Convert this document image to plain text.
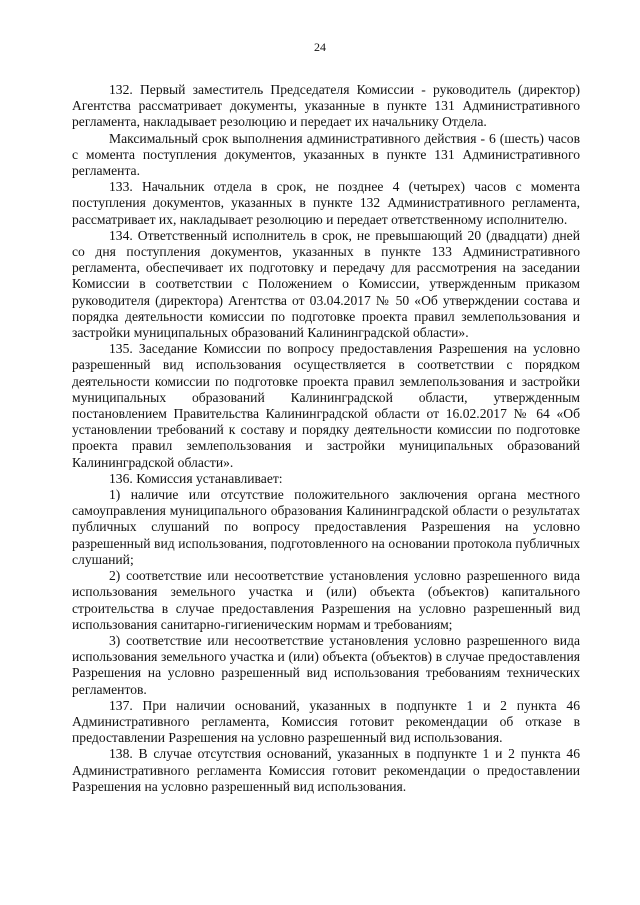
24

132. Первый заместитель Председателя Комиссии - руководитель (директор) Агентства рассматривает документы, указанные в пункте 131 Административного регламента, накладывает резолюцию и передает их начальнику Отдела.

Максимальный срок выполнения административного действия - 6 (шесть) часов с момента поступления документов, указанных в пункте 131 Административного регламента.

133. Начальник отдела в срок, не позднее 4 (четырех) часов с момента поступления документов, указанных в пункте 132 Административного регламента, рассматривает их, накладывает резолюцию и передает ответственному исполнителю.

134. Ответственный исполнитель в срок, не превышающий 20 (двадцати) дней со дня поступления документов, указанных в пункте 133 Административного регламента, обеспечивает их подготовку и передачу для рассмотрения на заседании Комиссии в соответствии с Положением о Комиссии, утвержденным приказом руководителя (директора) Агентства от 03.04.2017 № 50 «Об утверждении состава и порядка деятельности комиссии по подготовке проекта правил землепользования и застройки муниципальных образований Калининградской области».

135. Заседание Комиссии по вопросу предоставления Разрешения на условно разрешенный вид использования осуществляется в соответствии с порядком деятельности комиссии по подготовке проекта правил землепользования и застройки муниципальных образований Калининградской области, утвержденным постановлением Правительства Калининградской области от 16.02.2017 № 64 «Об установлении требований к составу и порядку деятельности комиссии по подготовке проекта правил землепользования и застройки муниципальных образований Калининградской области».

136. Комиссия устанавливает:

1) наличие или отсутствие положительного заключения органа местного самоуправления муниципального образования Калининградской области о результатах публичных слушаний по вопросу предоставления Разрешения на условно разрешенный вид использования, подготовленного на основании протокола публичных слушаний;

2) соответствие или несоответствие установления условно разрешенного вида использования земельного участка и (или) объекта (объектов) капитального строительства в случае предоставления Разрешения на условно разрешенный вид использования санитарно-гигиеническим нормам и требованиям;

3) соответствие или несоответствие установления условно разрешенного вида использования земельного участка и (или) объекта (объектов) в случае предоставления Разрешения на условно разрешенный вид использования требованиям технических регламентов.

137. При наличии оснований, указанных в подпункте 1 и 2 пункта 46 Административного регламента, Комиссия готовит рекомендации об отказе в предоставлении Разрешения на условно разрешенный вид использования.

138. В случае отсутствия оснований, указанных в подпункте 1 и 2 пункта 46 Административного регламента Комиссия готовит рекомендации о предоставлении Разрешения на условно разрешенный вид использования.
